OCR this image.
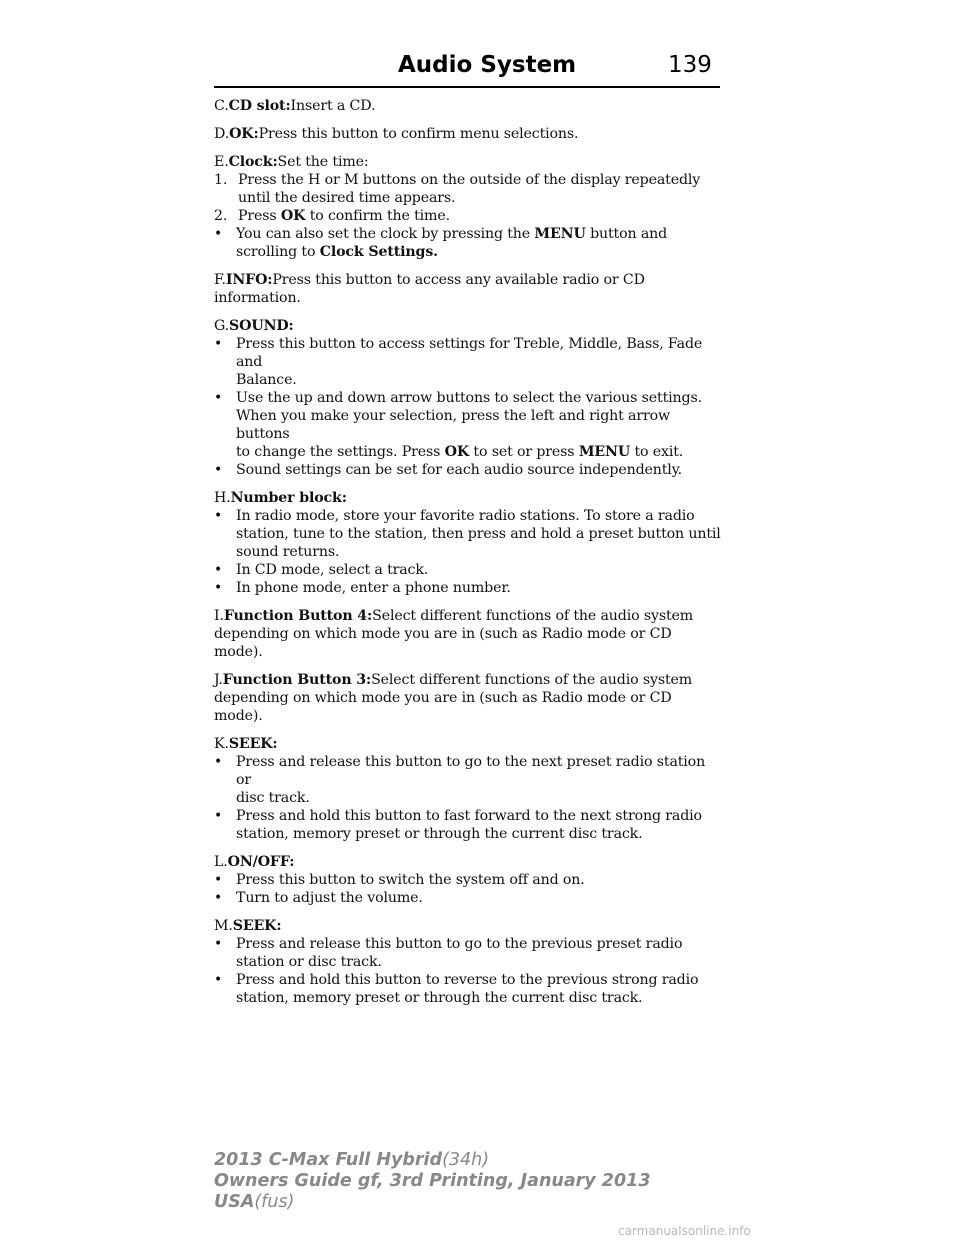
Audio System	139
C.CD slot:Insert a CD.
D.OK:Press this button to confirm menu selections.
E.Clock:Set the time:
1. Press the H or M buttons on the outside of the display repeatedly
until the desired time appears.
2. Press OK to confirm the time.
• You can also set the clock by pressing the MENU button and
scrolling to Clock Settings.
F.INFO:Press this button to access any available radio or CD
information.
G.SOUND:
• Press this button to access settings for Treble, Middle, Bass, Fade and
Balance.
• Use the up and down arrow buttons to select the various settings.
When you make your selection, press the left and right arrow buttons
to change the settings. Press OK to set or press MENU to exit.
• Sound settings can be set for each audio source independently.
H.Number block:
• In radio mode, store your favorite radio stations. To store a radio
station, tune to the station, then press and hold a preset button until
sound returns.
• In CD mode, select a track.
• In phone mode, enter a phone number.
I.Function Button 4:Select different functions of the audio system
depending on which mode you are in (such as Radio mode or CD mode).
J.Function Button 3:Select different functions of the audio system
depending on which mode you are in (such as Radio mode or CD mode).
K.SEEK:
• Press and release this button to go to the next preset radio station or
disc track.
• Press and hold this button to fast forward to the next strong radio
station, memory preset or through the current disc track.
L.ON/OFF:
• Press this button to switch the system off and on.
• Turn to adjust the volume.
M.SEEK:
• Press and release this button to go to the previous preset radio
station or disc track.
• Press and hold this button to reverse to the previous strong radio
station, memory preset or through the current disc track.
2013 C-Max Full Hybrid(34h)
Owners Guide gf, 3rd Printing, January 2013
USA(fus)
carmanualsonline.info
